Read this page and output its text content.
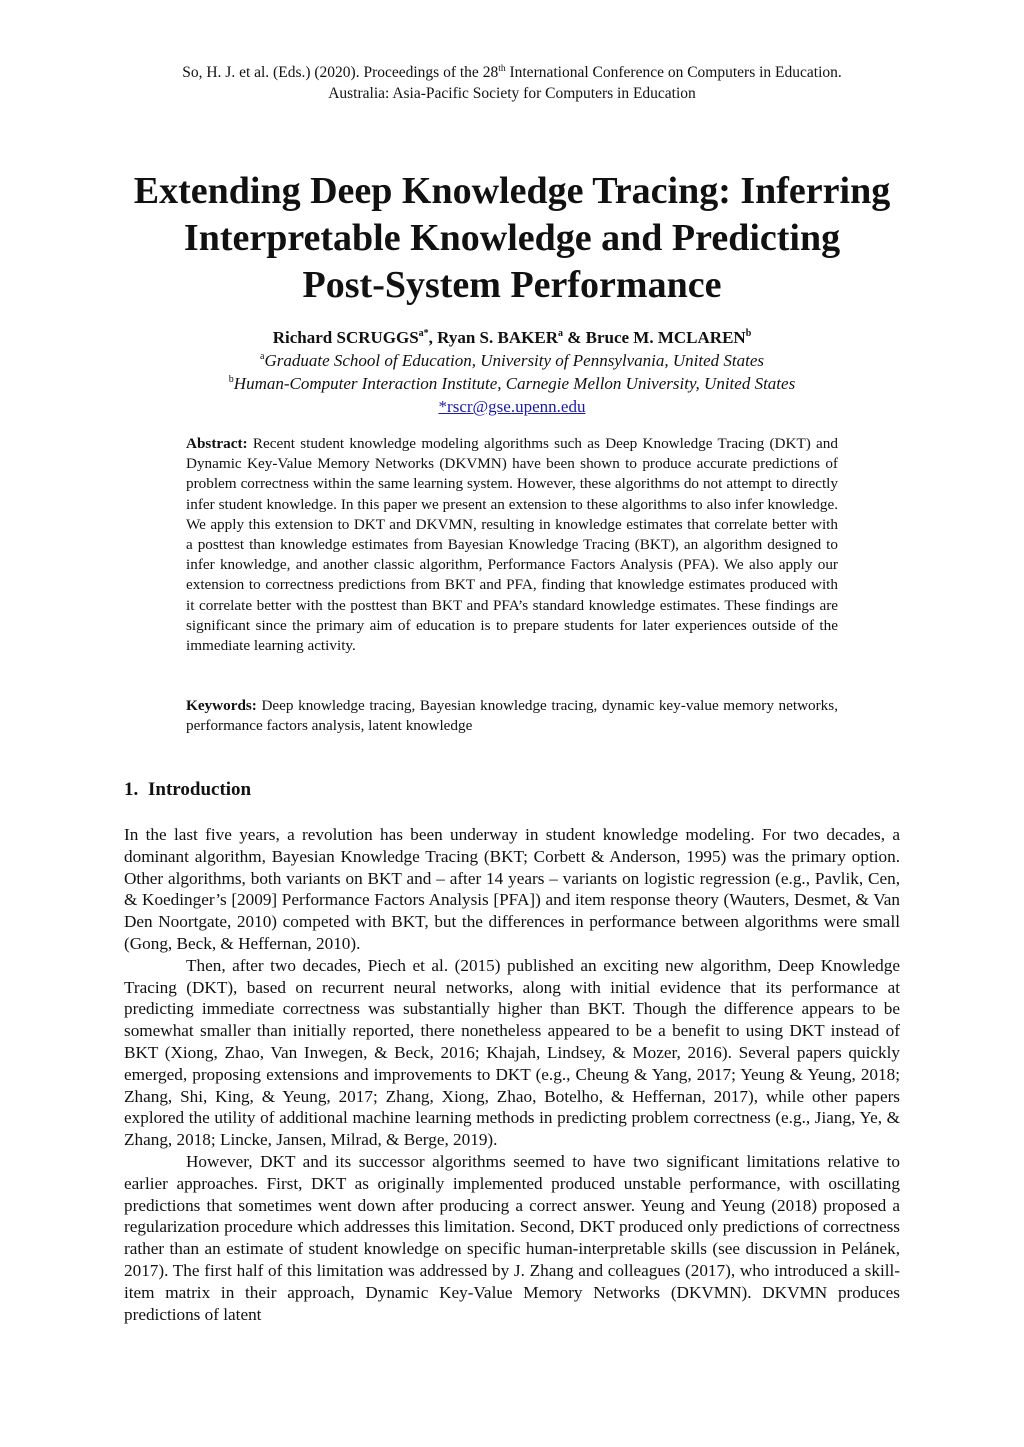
So, H. J. et al. (Eds.) (2020). Proceedings of the 28th International Conference on Computers in Education.
Australia: Asia-Pacific Society for Computers in Education
Extending Deep Knowledge Tracing: Inferring
Interpretable Knowledge and Predicting
Post-System Performance
Richard $SCRUGGS^{a*}$, Ryan S. BAKER$^a$ & Bruce M. MCLAREN$^b$
$^a$Graduate School of Education, University of Pennsylvania, United States
$^b$Human-Computer Interaction Institute, Carnegie Mellon University, United States
*rscr@gse.upenn.edu

Abstract: Recent student knowledge modeling algorithms such as Deep Knowledge Tracing (DKT) and Dynamic Key-Value Memory Networks (DKVMN) have been shown to produce accurate predictions of problem correctness within the same learning system. However, these algorithms do not attempt to directly infer student knowledge. In this paper we present an extension to these algorithms to also infer knowledge. We apply this extension to DKT and DKVMN, resulting in knowledge estimates that correlate better with a posttest than knowledge estimates from Bayesian Knowledge Tracing (BKT), an algorithm designed to infer knowledge, and another classic algorithm, Performance Factors Analysis (PFA). We also apply our extension to correctness predictions from BKT and PFA, finding that knowledge estimates produced with it correlate better with the posttest than BKT and PFA’s standard knowledge estimates. These findings are significant since the primary aim of education is to prepare students for later experiences outside of the immediate learning activity.

Keywords: Deep knowledge tracing, Bayesian knowledge tracing, dynamic key-value memory networks, performance factors analysis, latent knowledge

1. Introduction

In the last five years, a revolution has been underway in student knowledge modeling. For two decades, a dominant algorithm, Bayesian Knowledge Tracing (BKT; Corbett & Anderson, 1995) was the primary option. Other algorithms, both variants on BKT and – after 14 years – variants on logistic regression (e.g., Pavlik, Cen, & Koedinger’s [2009] Performance Factors Analysis [PFA]) and item response theory (Wauters, Desmet, & Van Den Noortgate, 2010) competed with BKT, but the differences in performance between algorithms were small (Gong, Beck, & Heffernan, 2010).

Then, after two decades, Piech et al. (2015) published an exciting new algorithm, Deep Knowledge Tracing (DKT), based on recurrent neural networks, along with initial evidence that its performance at predicting immediate correctness was substantially higher than BKT. Though the difference appears to be somewhat smaller than initially reported, there nonetheless appeared to be a benefit to using DKT instead of BKT (Xiong, Zhao, Van Inwegen, & Beck, 2016; Khajah, Lindsey, & Mozer, 2016). Several papers quickly emerged, proposing extensions and improvements to DKT (e.g., Cheung & Yang, 2017; Yeung & Yeung, 2018; Zhang, Shi, King, & Yeung, 2017; Zhang, Xiong, Zhao, Botelho, & Heffernan, 2017), while other papers explored the utility of additional machine learning methods in predicting problem correctness (e.g., Jiang, Ye, & Zhang, 2018; Lincke, Jansen, Milrad, & Berge, 2019).

However, DKT and its successor algorithms seemed to have two significant limitations relative to earlier approaches. First, DKT as originally implemented produced unstable performance, with oscillating predictions that sometimes went down after producing a correct answer. Yeung and Yeung (2018) proposed a regularization procedure which addresses this limitation. Second, DKT produced only predictions of correctness rather than an estimate of student knowledge on specific human-interpretable skills (see discussion in Pelánek, 2017). The first half of this limitation was addressed by J. Zhang and colleagues (2017), who introduced a skill-item matrix in their approach, Dynamic Key-Value Memory Networks (DKVMN). DKVMN produces predictions of latent
